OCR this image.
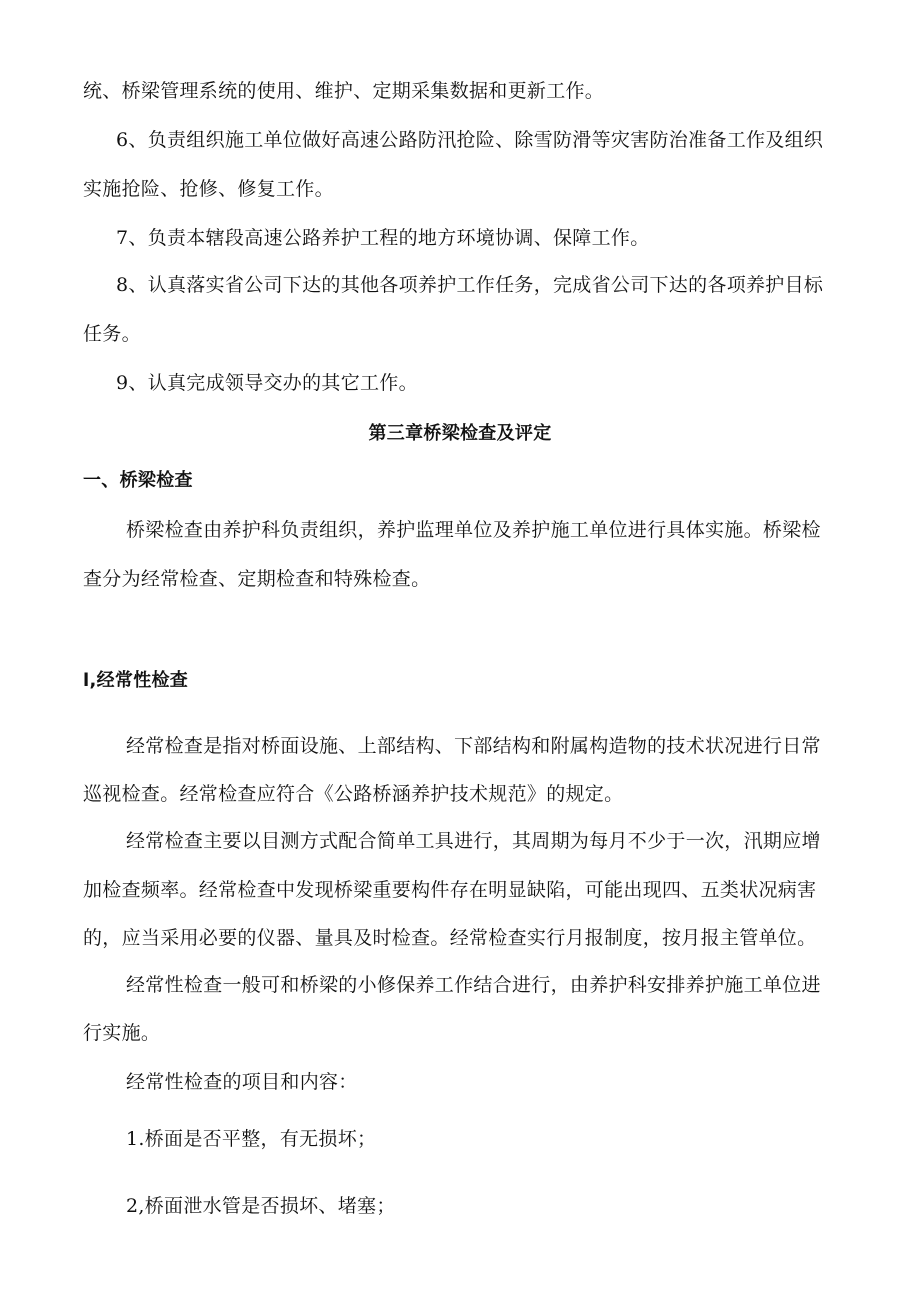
统、桥梁管理系统的使用、维护、定期采集数据和更新工作。
6、负责组织施工单位做好高速公路防汛抢险、除雪防滑等灾害防治准备工作及组织
实施抢险、抢修、修复工作。
7、负责本辖段高速公路养护工程的地方环境协调、保障工作。
8、认真落实省公司下达的其他各项养护工作任务，完成省公司下达的各项养护目标
任务。
9、认真完成领导交办的其它工作。
第三章桥梁检查及评定
一、桥梁检查
桥梁检查由养护科负责组织，养护监理单位及养护施工单位进行具体实施。桥梁检
查分为经常检查、定期检查和特殊检查。
l,经常性检查
经常检查是指对桥面设施、上部结构、下部结构和附属构造物的技术状况进行日常
巡视检查。经常检查应符合《公路桥涵养护技术规范》的规定。
经常检查主要以目测方式配合简单工具进行，其周期为每月不少于一次，汛期应增
加检查频率。经常检查中发现桥梁重要构件存在明显缺陷，可能出现四、五类状况病害
的，应当采用必要的仪器、量具及时检查。经常检查实行月报制度，按月报主管单位。
经常性检查一般可和桥梁的小修保养工作结合进行，由养护科安排养护施工单位进
行实施。
经常性检查的项目和内容：
1.桥面是否平整，有无损坏；
2,桥面泄水管是否损坏、堵塞；
